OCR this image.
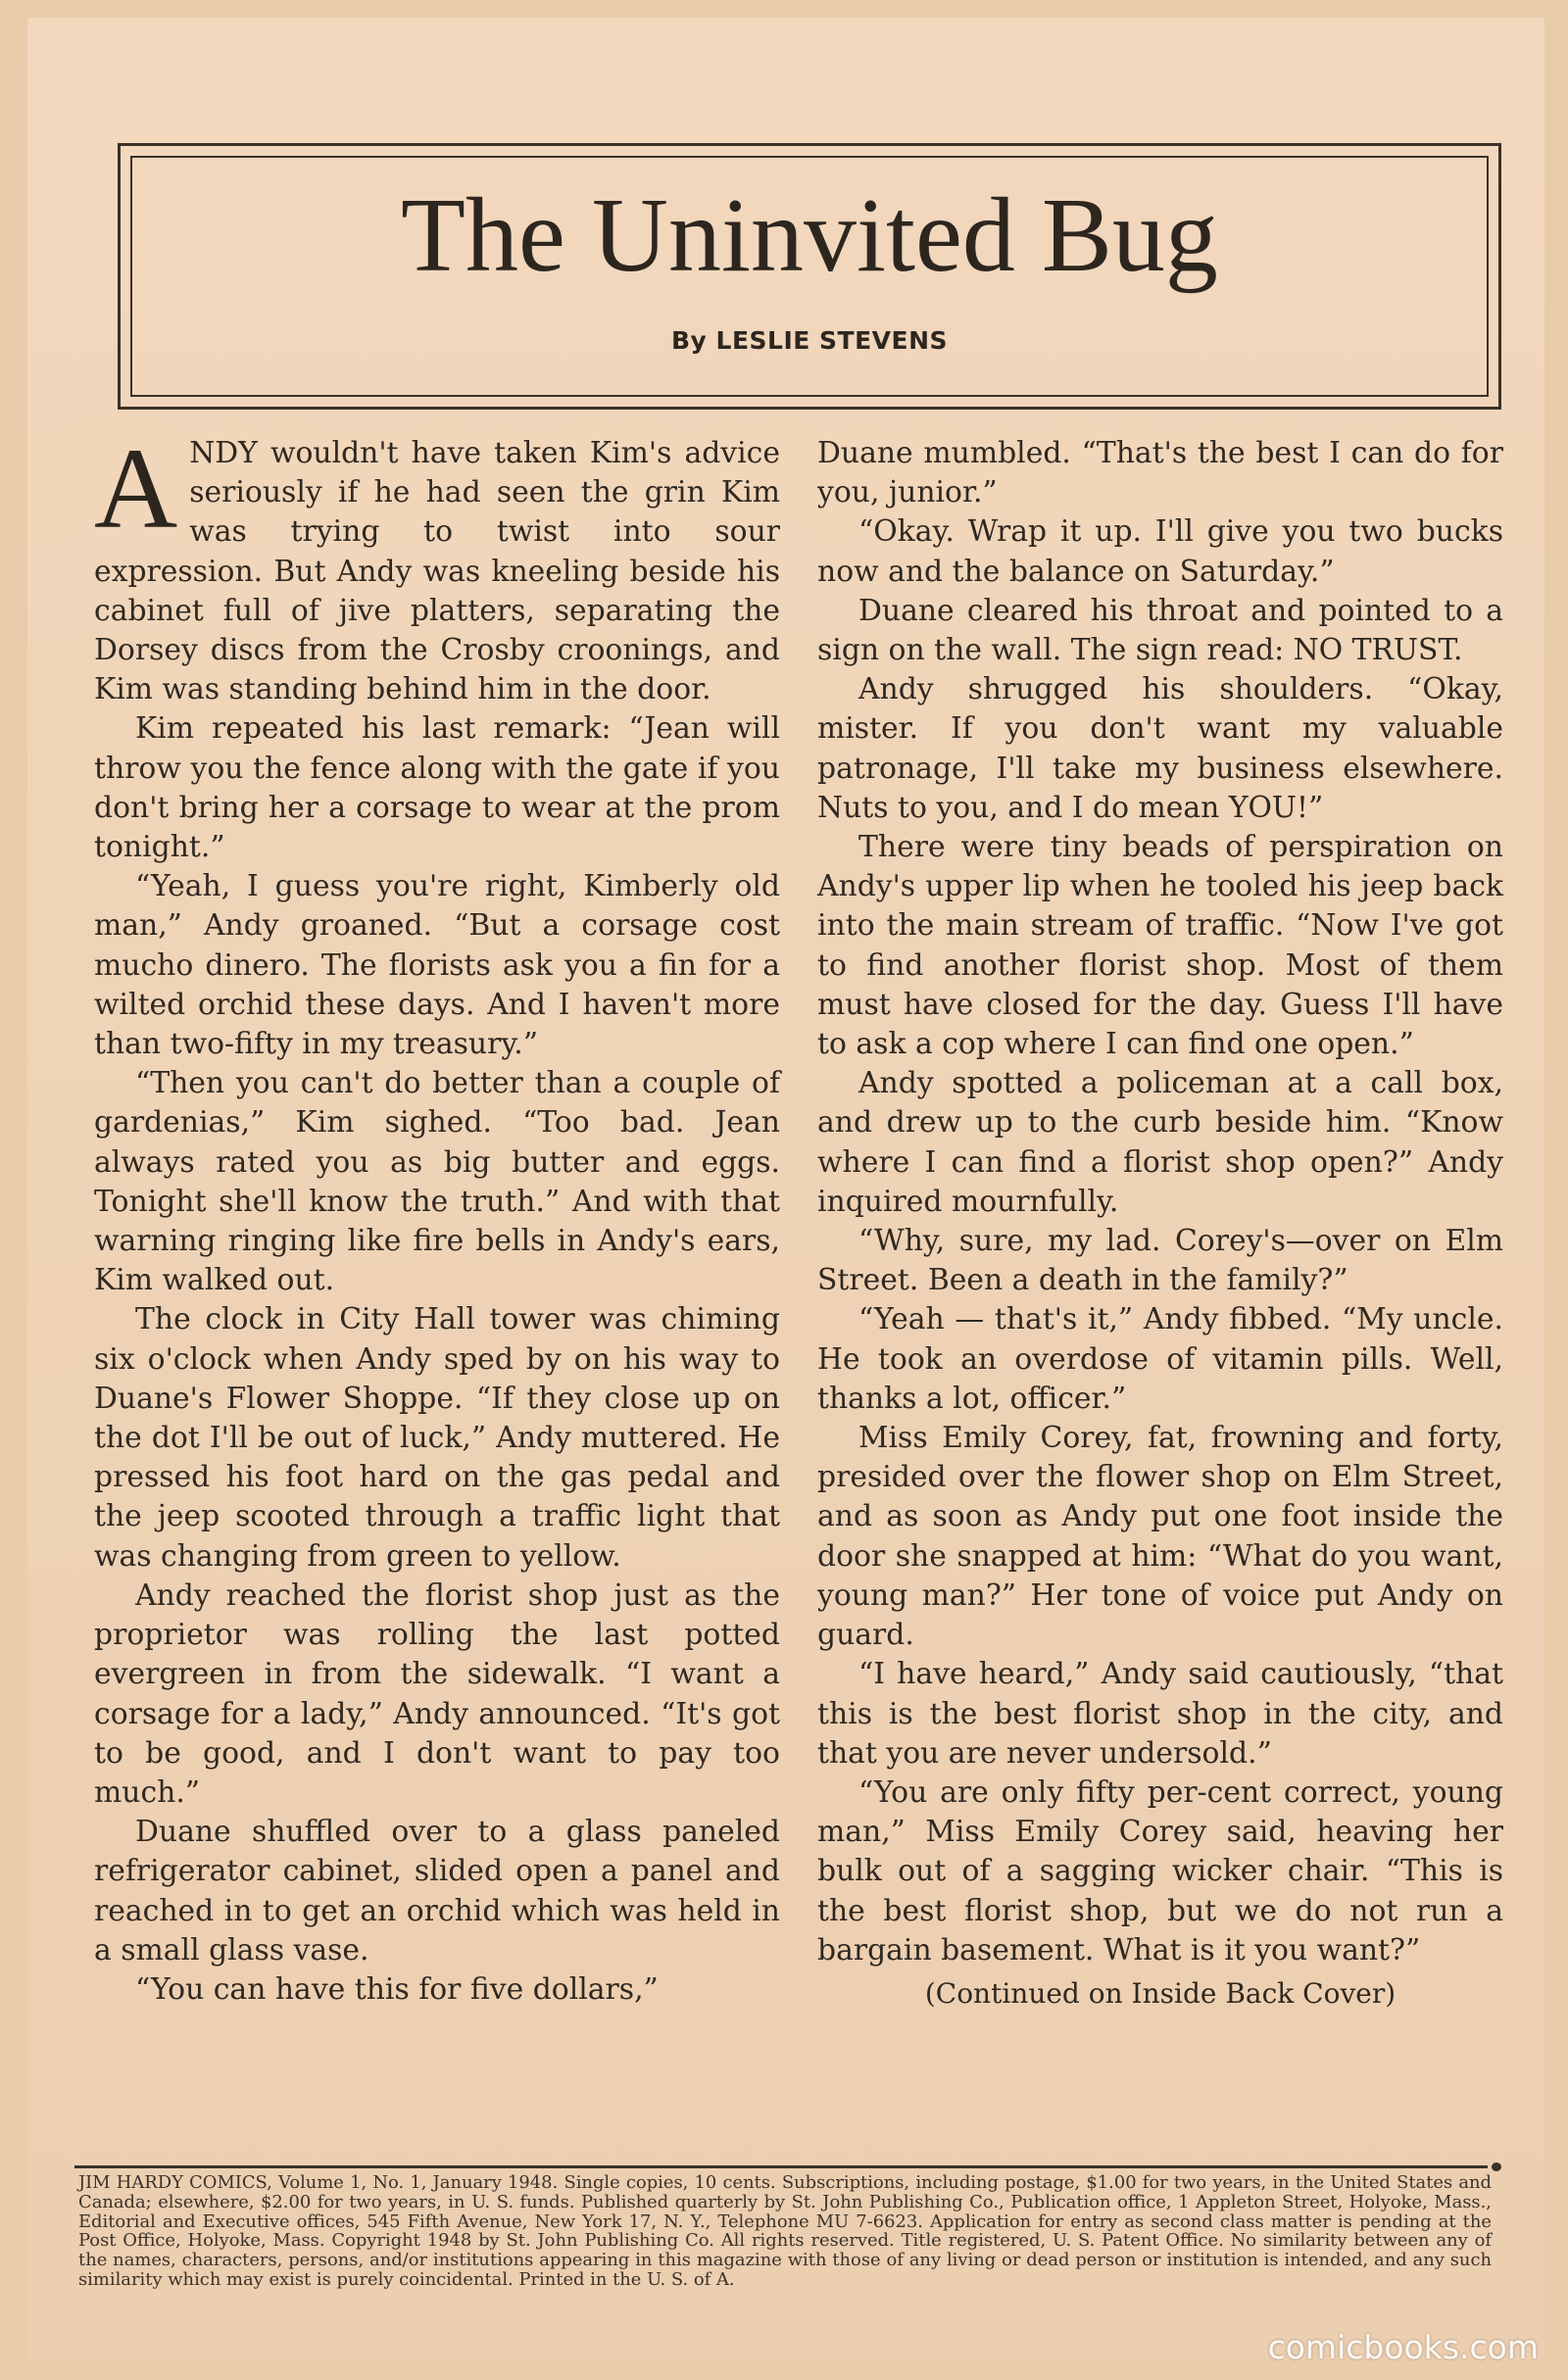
The Uninvited Bug
By LESLIE STEVENS

ANDY wouldn't have taken Kim's advice seriously if he had seen the grin Kim was trying to twist into sour expression. But Andy was kneeling beside his cabinet full of jive platters, separating the Dorsey discs from the Crosby croonings, and Kim was standing behind him in the door.

Kim repeated his last remark: “Jean will throw you the fence along with the gate if you don't bring her a corsage to wear at the prom tonight.”

“Yeah, I guess you're right, Kimberly old man,” Andy groaned. “But a corsage cost mucho dinero. The florists ask you a fin for a wilted orchid these days. And I haven't more than two-fifty in my treasury.”

“Then you can't do better than a couple of gardenias,” Kim sighed. “Too bad. Jean always rated you as big butter and eggs. Tonight she'll know the truth.” And with that warning ringing like fire bells in Andy's ears, Kim walked out.

The clock in City Hall tower was chiming six o'clock when Andy sped by on his way to Duane's Flower Shoppe. “If they close up on the dot I'll be out of luck,” Andy muttered. He pressed his foot hard on the gas pedal and the jeep scooted through a traffic light that was changing from green to yellow.

Andy reached the florist shop just as the proprietor was rolling the last potted evergreen in from the sidewalk. “I want a corsage for a lady,” Andy announced. “It's got to be good, and I don't want to pay too much.”

Duane shuffled over to a glass paneled refrigerator cabinet, slided open a panel and reached in to get an orchid which was held in a small glass vase.

“You can have this for five dollars,”

Duane mumbled. “That's the best I can do for you, junior.”

“Okay. Wrap it up. I'll give you two bucks now and the balance on Saturday.”

Duane cleared his throat and pointed to a sign on the wall. The sign read: NO TRUST.

Andy shrugged his shoulders. “Okay, mister. If you don't want my valuable patronage, I'll take my business elsewhere. Nuts to you, and I do mean YOU!”

There were tiny beads of perspiration on Andy's upper lip when he tooled his jeep back into the main stream of traffic. “Now I've got to find another florist shop. Most of them must have closed for the day. Guess I'll have to ask a cop where I can find one open.”

Andy spotted a policeman at a call box, and drew up to the curb beside him. “Know where I can find a florist shop open?” Andy inquired mournfully.

“Why, sure, my lad. Corey's—over on Elm Street. Been a death in the family?”

“Yeah — that's it,” Andy fibbed. “My uncle. He took an overdose of vitamin pills. Well, thanks a lot, officer.”

Miss Emily Corey, fat, frowning and forty, presided over the flower shop on Elm Street, and as soon as Andy put one foot inside the door she snapped at him: “What do you want, young man?” Her tone of voice put Andy on guard.

“I have heard,” Andy said cautiously, “that this is the best florist shop in the city, and that you are never undersold.”

“You are only fifty per-cent correct, young man,” Miss Emily Corey said, heaving her bulk out of a sagging wicker chair. “This is the best florist shop, but we do not run a bargain basement. What is it you want?”

(Continued on Inside Back Cover)
JIM HARDY COMICS, Volume 1, No. 1, January 1948. Single copies, 10 cents. Subscriptions, including postage, $1.00 for two years, in the United States and Canada; elsewhere, $2.00 for two years, in U. S. funds. Published quarterly by St. John Publishing Co., Publication office, 1 Appleton Street, Holyoke, Mass., Editorial and Executive offices, 545 Fifth Avenue, New York 17, N. Y., Telephone MU 7-6623. Application for entry as second class matter is pending at the Post Office, Holyoke, Mass. Copyright 1948 by St. John Publishing Co. All rights reserved. Title registered, U. S. Patent Office. No similarity between any of the names, characters, persons, and/or institutions appearing in this magazine with those of any living or dead person or institution is intended, and any such similarity which may exist is purely coincidental. Printed in the U. S. of A.
comicbooks.com
